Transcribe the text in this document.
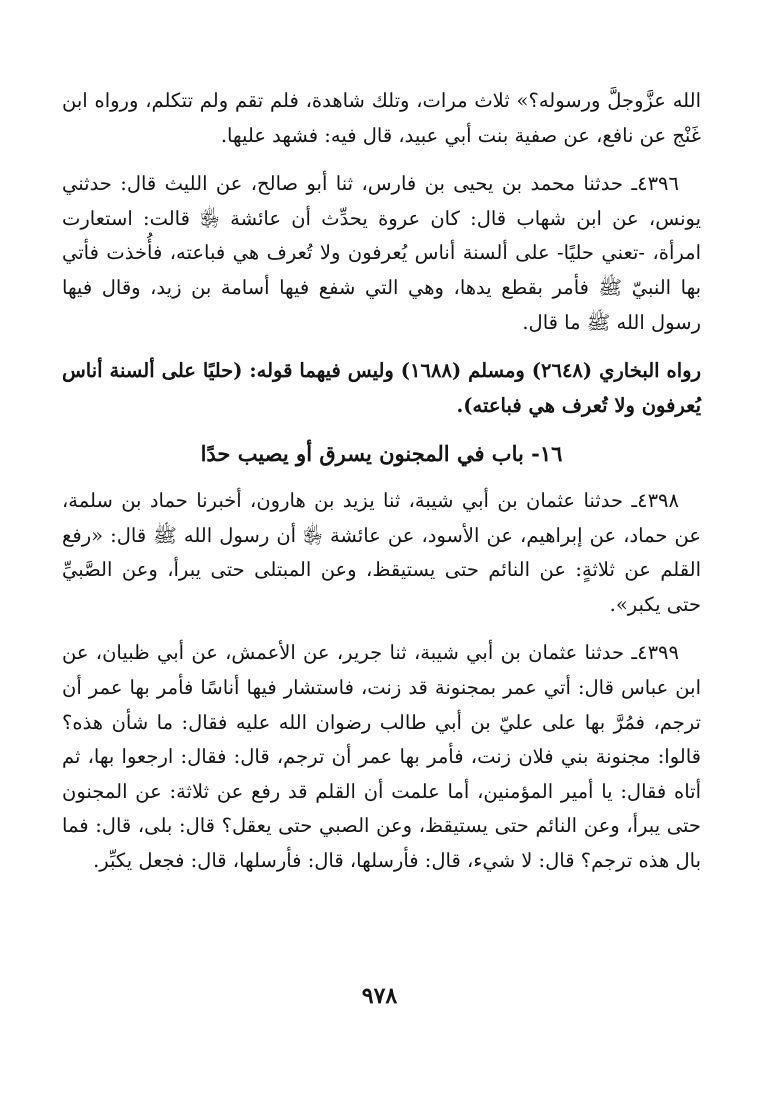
الله عزَّوجلَّ ورسوله؟» ثلاث مرات، وتلك شاهدة، فلم تقم ولم تتكلم، ورواه ابن غَنْج عن نافع، عن صفية بنت أبي عبيد، قال فيه: فشهد عليها.

٤٣٩٦ـ حدثنا محمد بن يحيى بن فارس، ثنا أبو صالح، عن الليث قال: حدثني يونس، عن ابن شهاب قال: كان عروة يحدِّث أن عائشة ﵂ قالت: استعارت امرأة، -تعني حليًا- على ألسنة أناس يُعرفون ولا تُعرف هي فباعته، فأُخذت فأتي بها النبيّ ﷺ فأمر بقطع يدها، وهي التي شفع فيها أسامة بن زيد، وقال فيها رسول الله ﷺ ما قال.

رواه البخاري (٢٦٤٨) ومسلم (١٦٨٨) وليس فيهما قوله: (حليًا على ألسنة أناس يُعرفون ولا تُعرف هي فباعته).

١٦- باب في المجنون يسرق أو يصيب حدًا

٤٣٩٨ـ حدثنا عثمان بن أبي شيبة، ثنا يزيد بن هارون، أخبرنا حماد بن سلمة، عن حماد، عن إبراهيم، عن الأسود، عن عائشة ﵂ أن رسول الله ﷺ قال: «رفع القلم عن ثلاثةٍ: عن النائم حتى يستيقظ، وعن المبتلى حتى يبرأ، وعن الصَّبيِّ حتى يكبر».

٤٣٩٩ـ حدثنا عثمان بن أبي شيبة، ثنا جرير، عن الأعمش، عن أبي ظبيان، عن ابن عباس قال: أتي عمر بمجنونة قد زنت، فاستشار فيها أناسًا فأمر بها عمر أن ترجم، فمُرَّ بها على عليّ بن أبي طالب رضوان الله عليه فقال: ما شأن هذه؟ قالوا: مجنونة بني فلان زنت، فأمر بها عمر أن ترجم، قال: فقال: ارجعوا بها، ثم أتاه فقال: يا أمير المؤمنين، أما علمت أن القلم قد رفع عن ثلاثة: عن المجنون حتى يبرأ، وعن النائم حتى يستيقظ، وعن الصبي حتى يعقل؟ قال: بلى، قال: فما بال هذه ترجم؟ قال: لا شيء، قال: فأرسلها، قال: فأرسلها، قال: فجعل يكبِّر.

٩٧٨
